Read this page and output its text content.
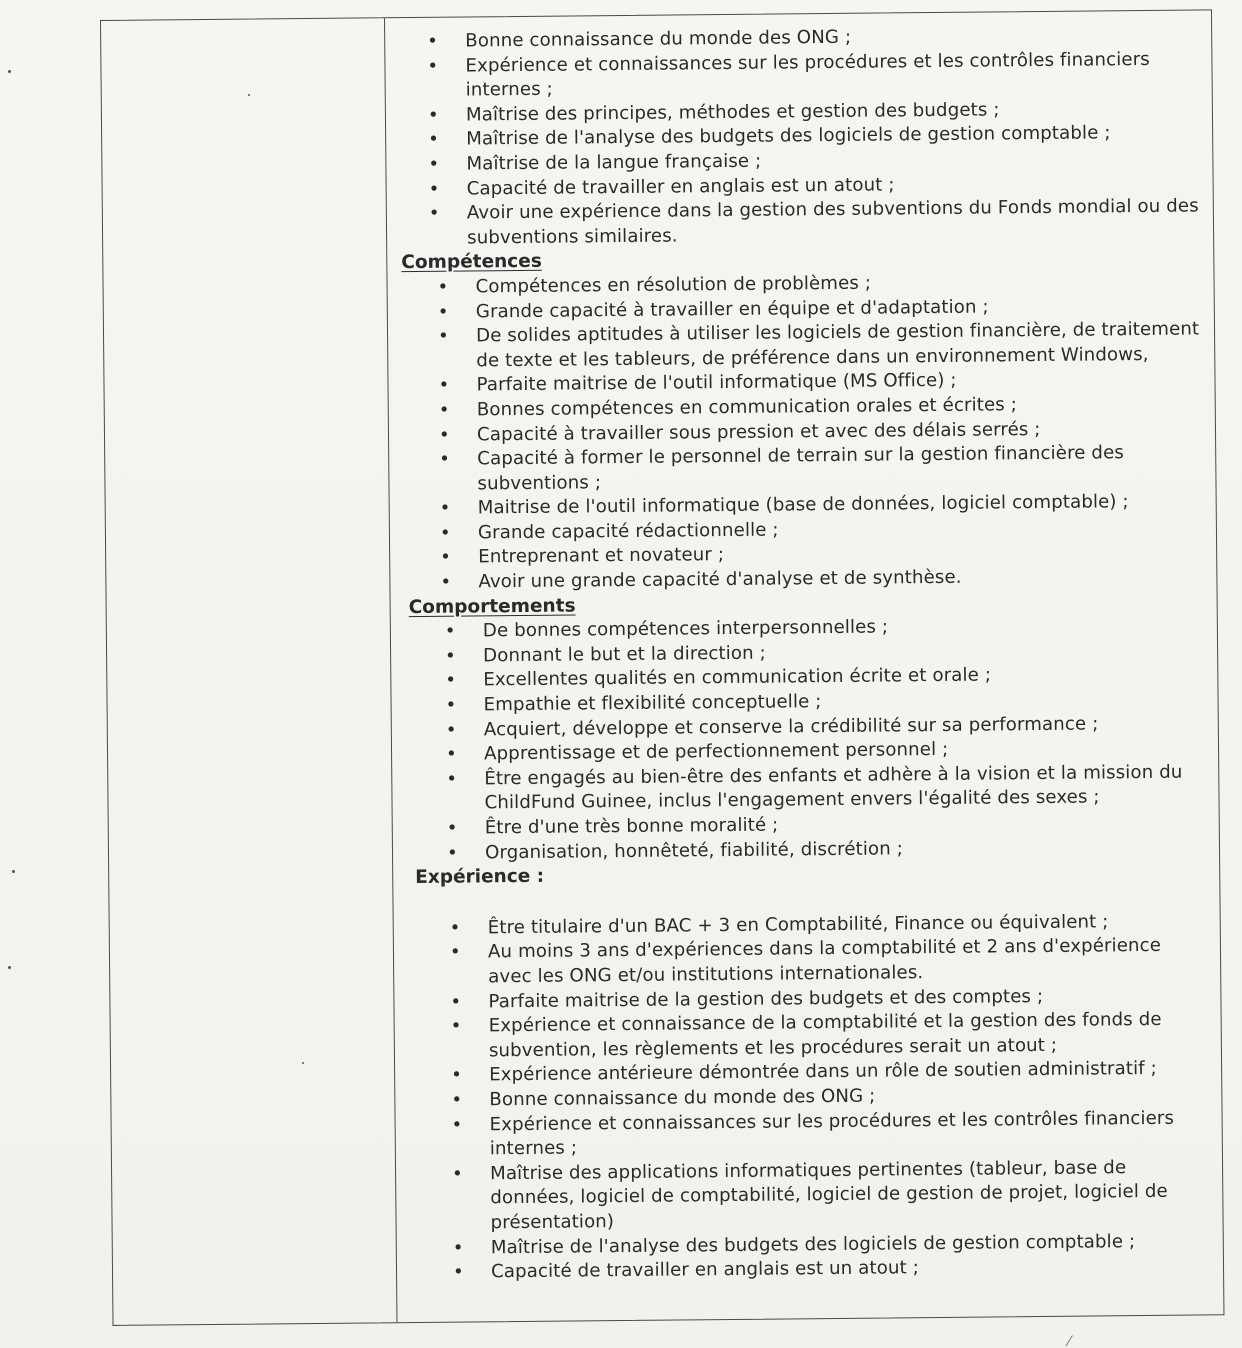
⁄
• Bonne connaissance du monde des ONG ;
• Expérience et connaissances sur les procédures et les contrôles financiers internes ;
• Maîtrise des principes, méthodes et gestion des budgets ;
• Maîtrise de l'analyse des budgets des logiciels de gestion comptable ;
• Maîtrise de la langue française ;
• Capacité de travailler en anglais est un atout ;
• Avoir une expérience dans la gestion des subventions du Fonds mondial ou des subventions similaires.

Compétences

• Compétences en résolution de problèmes ;
• Grande capacité à travailler en équipe et d'adaptation ;
• De solides aptitudes à utiliser les logiciels de gestion financière, de traitement de texte et les tableurs, de préférence dans un environnement Windows,
• Parfaite maitrise de l'outil informatique (MS Office) ;
• Bonnes compétences en communication orales et écrites ;
• Capacité à travailler sous pression et avec des délais serrés ;
• Capacité à former le personnel de terrain sur la gestion financière des subventions ;
• Maitrise de l'outil informatique (base de données, logiciel comptable) ;
• Grande capacité rédactionnelle ;
• Entreprenant et novateur ;
• Avoir une grande capacité d'analyse et de synthèse.

Comportements

• De bonnes compétences interpersonnelles ;
• Donnant le but et la direction ;
• Excellentes qualités en communication écrite et orale ;
• Empathie et flexibilité conceptuelle ;
• Acquiert, développe et conserve la crédibilité sur sa performance ;
• Apprentissage et de perfectionnement personnel ;
• Être engagés au bien-être des enfants et adhère à la vision et la mission du ChildFund Guinee, inclus l'engagement envers l'égalité des sexes ;
• Être d'une très bonne moralité ;
• Organisation, honnêteté, fiabilité, discrétion ;

Expérience :

• Être titulaire d'un BAC + 3 en Comptabilité, Finance ou équivalent ;
• Au moins 3 ans d'expériences dans la comptabilité et 2 ans d'expérience avec les ONG et/ou institutions internationales.
• Parfaite maitrise de la gestion des budgets et des comptes ;
• Expérience et connaissance de la comptabilité et la gestion des fonds de subvention, les règlements et les procédures serait un atout ;
• Expérience antérieure démontrée dans un rôle de soutien administratif ;
• Bonne connaissance du monde des ONG ;
• Expérience et connaissances sur les procédures et les contrôles financiers internes ;
• Maîtrise des applications informatiques pertinentes (tableur, base de données, logiciel de comptabilité, logiciel de gestion de projet, logiciel de présentation)
• Maîtrise de l'analyse des budgets des logiciels de gestion comptable ;
• Capacité de travailler en anglais est un atout ;
